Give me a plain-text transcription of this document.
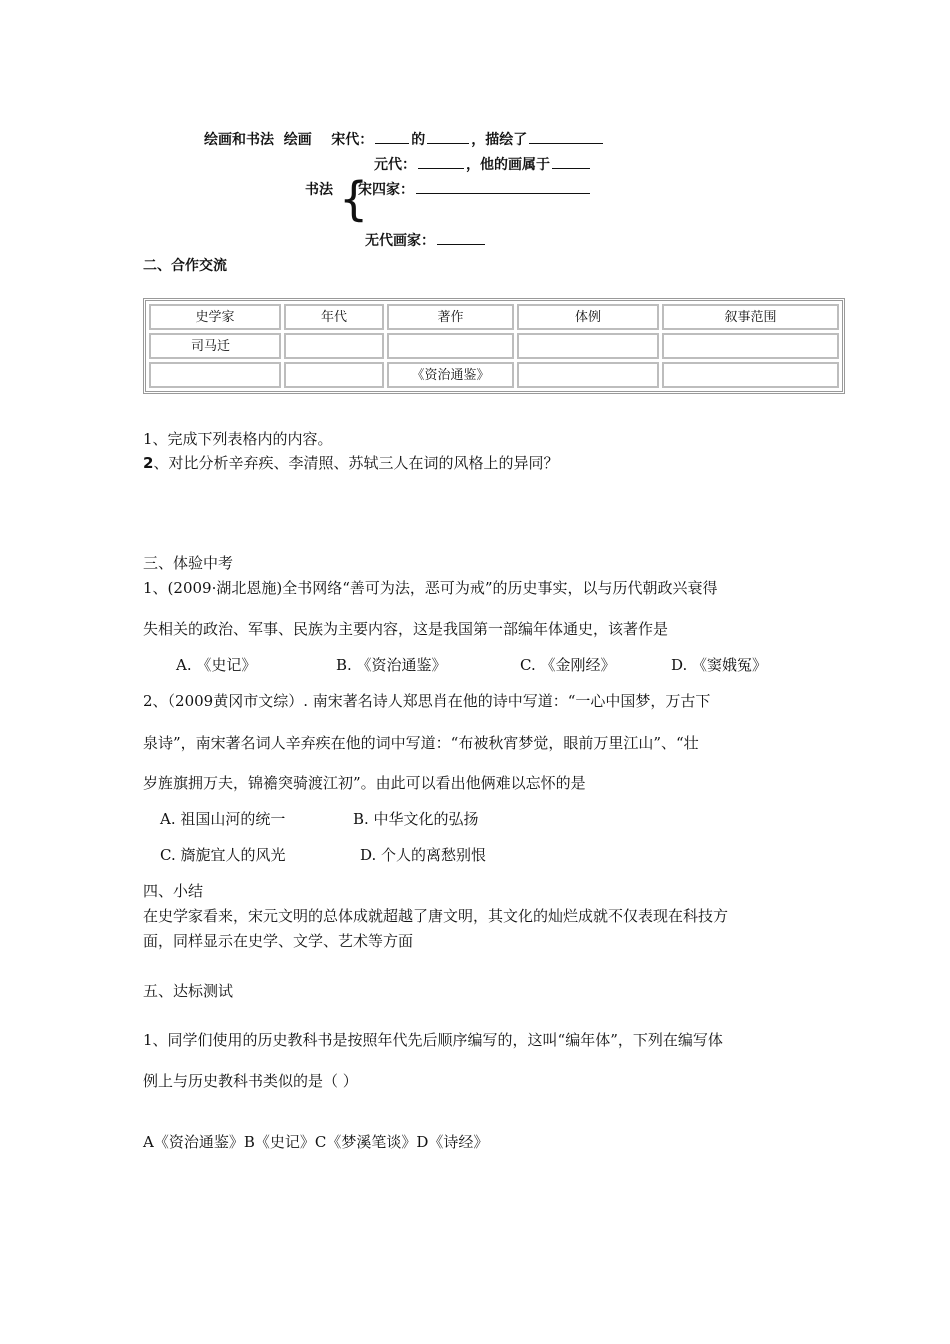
绘画和书法 绘画 宋代：	的	，描绘了
元代：	，他的画属于
书法 {
宋四家：
无代画家：
二、合作交流
史学家	年代	著作	体例	叙事范围
司马迁				
		《资治通鉴》		
1、完成下列表格内的内容。
2、对比分析辛弃疾、李清照、苏轼三人在词的风格上的异同？
三、体验中考
1、(2009·湖北恩施)全书网络“善可为法，恶可为戒”的历史事实，以与历代朝政兴衰得
失相关的政治、军事、民族为主要内容，这是我国第一部编年体通史，该著作是
A. 《史记》	B. 《资治通鉴》	C. 《金刚经》	D. 《窦娥冤》
2、（2009黄冈市文综）. 南宋著名诗人郑思肖在他的诗中写道：“一心中国梦，万古下
泉诗”，南宋著名词人辛弃疾在他的词中写道：“布被秋宵梦觉，眼前万里江山”、“壮
岁旌旗拥万夫，锦襜突骑渡江初”。由此可以看出他俩难以忘怀的是
A. 祖国山河的统一	B. 中华文化的弘扬
C. 旖旎宜人的风光	D. 个人的离愁别恨
四、小结
在史学家看来，宋元文明的总体成就超越了唐文明，其文化的灿烂成就不仅表现在科技方
面，同样显示在史学、文学、艺术等方面
五、达标测试
1、同学们使用的历史教科书是按照年代先后顺序编写的，这叫“编年体”，下列在编写体
例上与历史教科书类似的是（ ）
A《资治通鉴》B《史记》C《梦溪笔谈》D《诗经》
